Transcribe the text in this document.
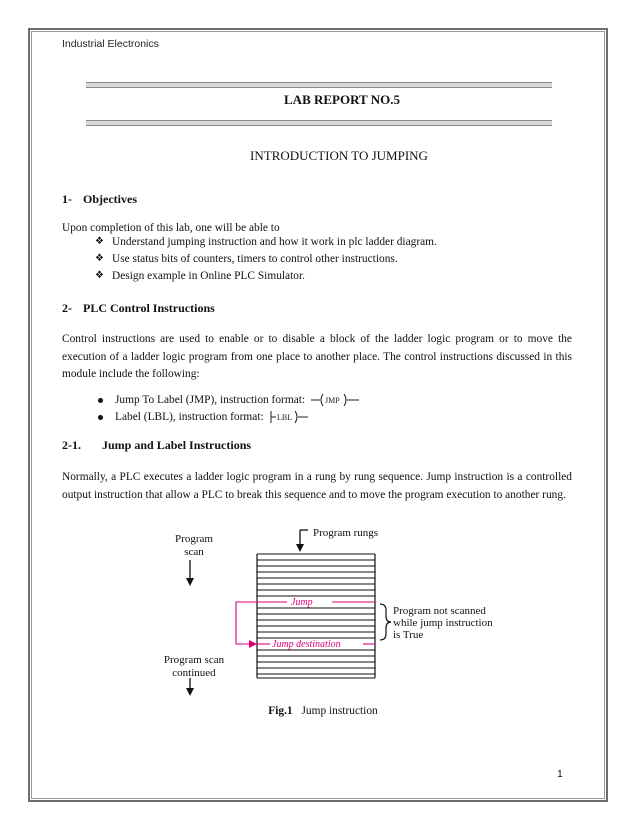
Industrial Electronics
LAB REPORT NO.5
INTRODUCTION TO JUMPING
1- Objectives
Upon completion of this lab, one will be able to
❖ Understand jumping instruction and how it work in plc ladder diagram.
❖ Use status bits of counters, timers to control other instructions.
❖ Design example in Online PLC Simulator.
2- PLC Control Instructions
Control instructions are used to enable or to disable a block of the ladder logic program or to move the execution of a ladder logic program from one place to another place. The control instructions discussed in this module include the following:
Jump To Label (JMP), instruction format:	JMP
Label (LBL), instruction format: LBL
2-1. Jump and Label Instructions
Normally, a PLC executes a ladder logic program in a rung by rung sequence. Jump instruction is a controlled output instruction that allow a PLC to break this sequence and to move the program execution to another rung.
Program rungs
Jump
Jump destination
Program
scan
Program scan
continued
Program not scanned
while jump instruction
is True
Fig.1 Jump instruction
1
